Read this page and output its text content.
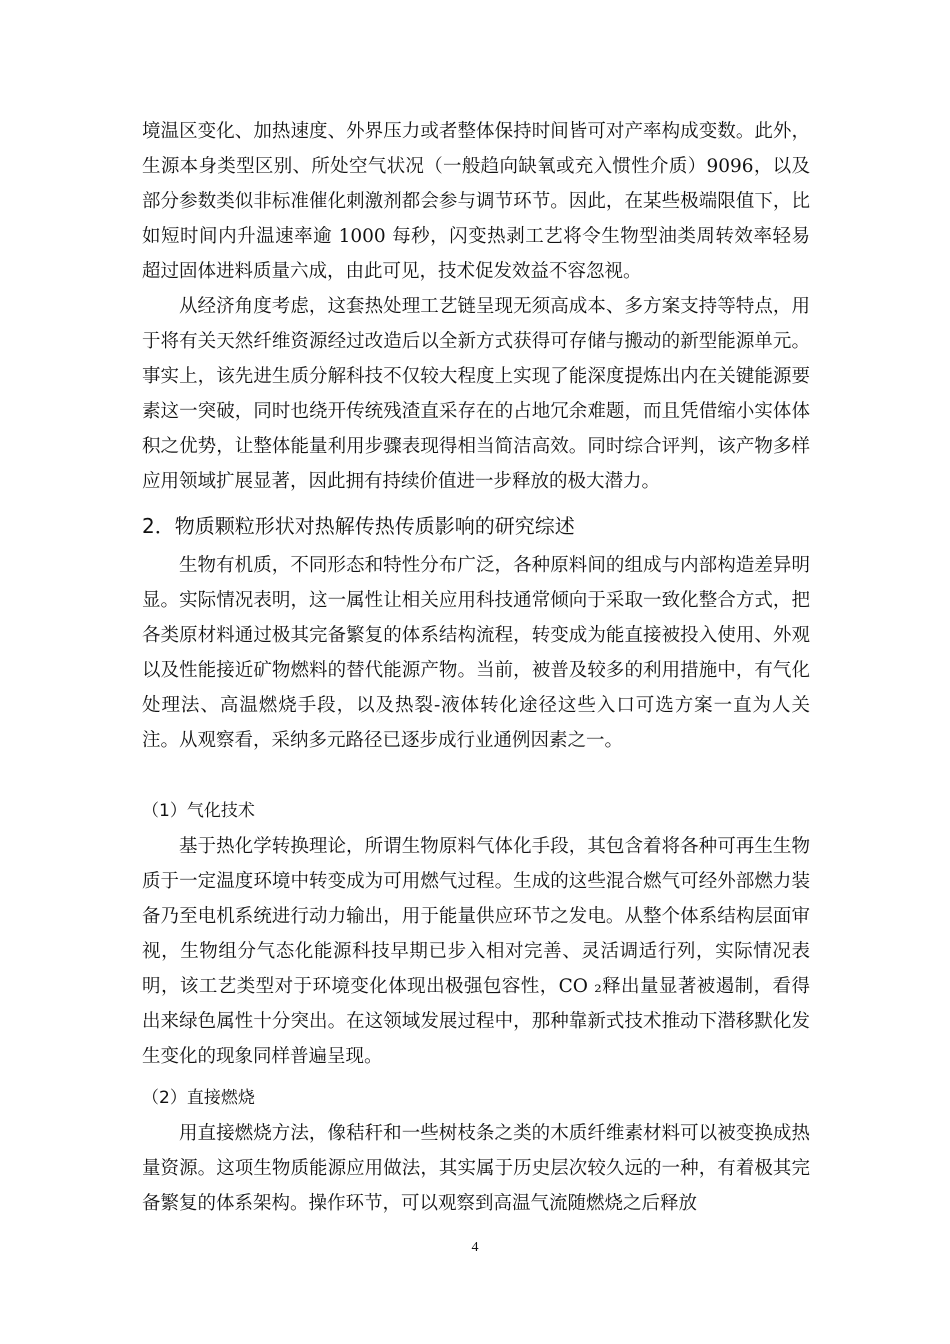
境温区变化、加热速度、外界压力或者整体保持时间皆可对产率构成变数。此外，生源本身类型区别、所处空气状况（一般趋向缺氧或充入惯性介质）9096，以及部分参数类似非标准催化刺激剂都会参与调节环节。因此，在某些极端限值下，比如短时间内升温速率逾 1000 每秒，闪变热剥工艺将令生物型油类周转效率轻易超过固体进料质量六成，由此可见，技术促发效益不容忽视。

从经济角度考虑，这套热处理工艺链呈现无须高成本、多方案支持等特点，用于将有关天然纤维资源经过改造后以全新方式获得可存储与搬动的新型能源单元。事实上，该先进生质分解科技不仅较大程度上实现了能深度提炼出内在关键能源要素这一突破，同时也绕开传统残渣直采存在的占地冗余难题，而且凭借缩小实体体积之优势，让整体能量利用步骤表现得相当简洁高效。同时综合评判，该产物多样应用领域扩展显著，因此拥有持续价值进一步释放的极大潜力。

2．物质颗粒形状对热解传热传质影响的研究综述

生物有机质，不同形态和特性分布广泛，各种原料间的组成与内部构造差异明显。实际情况表明，这一属性让相关应用科技通常倾向于采取一致化整合方式，把各类原材料通过极其完备繁复的体系结构流程，转变成为能直接被投入使用、外观以及性能接近矿物燃料的替代能源产物。当前，被普及较多的利用措施中，有气化处理法、高温燃烧手段，以及热裂-液体转化途径这些入口可选方案一直为人关注。从观察看，采纳多元路径已逐步成行业通例因素之一。

（1）气化技术

基于热化学转换理论，所谓生物原料气体化手段，其包含着将各种可再生生物质于一定温度环境中转变成为可用燃气过程。生成的这些混合燃气可经外部燃力装备乃至电机系统进行动力输出，用于能量供应环节之发电。从整个体系结构层面审视，生物组分气态化能源科技早期已步入相对完善、灵活调适行列，实际情况表明，该工艺类型对于环境变化体现出极强包容性，CO ₂释出量显著被遏制，看得出来绿色属性十分突出。在这领域发展过程中，那种靠新式技术推动下潜移默化发生变化的现象同样普遍呈现。

（2）直接燃烧

用直接燃烧方法，像秸秆和一些树枝条之类的木质纤维素材料可以被变换成热量资源。这项生物质能源应用做法，其实属于历史层次较久远的一种，有着极其完备繁复的体系架构。操作环节，可以观察到高温气流随燃烧之后释放

4
